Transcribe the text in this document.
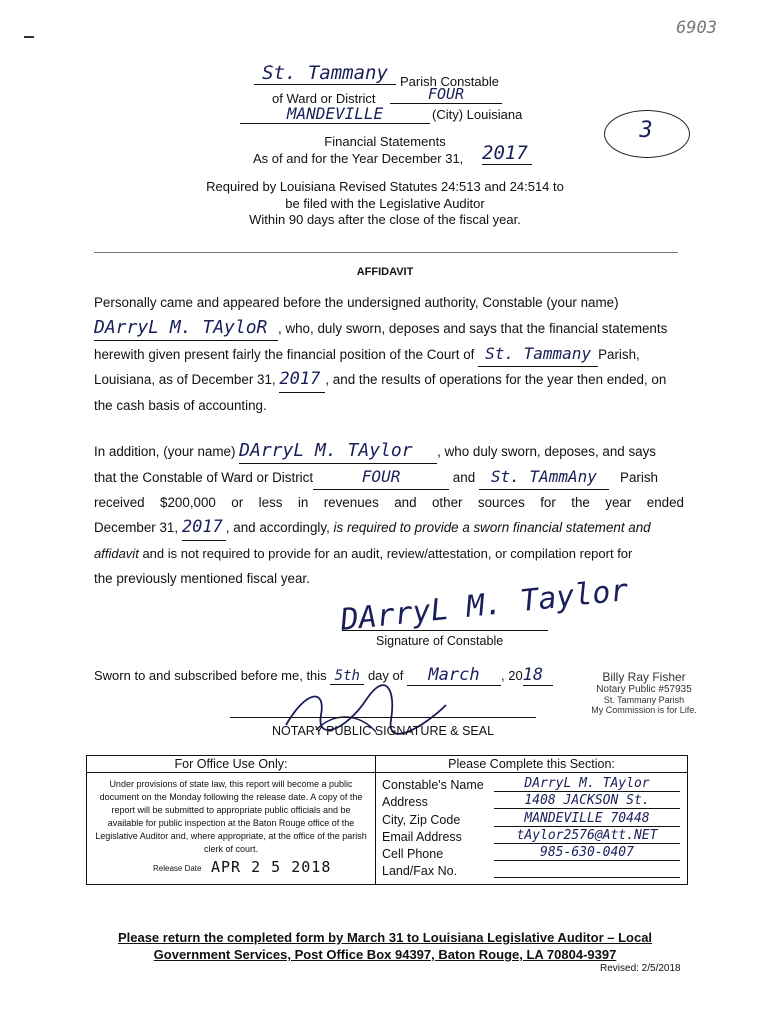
6903
3
St. Tammany Parish Constable
of Ward or District	FOUR
MANDEVILLE	(City) Louisiana
Financial Statements
As of and for the Year December 31, 2017
Required by Louisiana Revised Statutes 24:513 and 24:514 to
be filed with the Legislative Auditor
Within 90 days after the close of the fiscal year.
AFFIDAVIT
Personally came and appeared before the undersigned authority, Constable (your name)
DArryL M. TAyloR , who, duly sworn, deposes and says that the financial statements
herewith given present fairly the financial position of the Court of St. Tammany Parish,
Louisiana, as of December 31, 2017 , and the results of operations for the year then ended, on
the cash basis of accounting.
In addition, (your name) DArryL M. TAylor , who duly sworn, deposes, and says
that the Constable of Ward or District	FOUR	and St. TAmmAny Parish
received $200,000 or less in revenues and other sources for the year ended
December 31, 2017 , and accordingly, is required to provide a sworn financial statement and
affidavit and is not required to provide for an audit, review/attestation, or compilation report for
the previously mentioned fiscal year. DArryL M. Taylor
Signature of Constable
Sworn to and subscribed before me, this 5th day of March , 2018
NOTARY PUBLIC SIGNATURE & SEAL
Billy Ray Fisher
Notary Public #57935
St. Tammany Parish
My Commission is for Life.
For Office Use Only:
Under provisions of state law, this report will become a public document on the Monday following the release date. A copy of the report will be submitted to appropriate public officials and be available for public inspection at the Baton Rouge office of the Legislative Auditor and, where appropriate, at the office of the parish clerk of court.
Release Date APR 2 5 2018
Please Complete this Section:
Constable's Name	DArryL M. TAylor
Address	1408 JACKSON St.
City, Zip Code	MANDEVILLE 70448
Email Address	tAylor2576@Att.NET
Cell Phone	985-630-0407
Land/Fax No.
Please return the completed form by March 31 to Louisiana Legislative Auditor – Local
Government Services, Post Office Box 94397, Baton Rouge, LA 70804-9397
Revised: 2/5/2018
